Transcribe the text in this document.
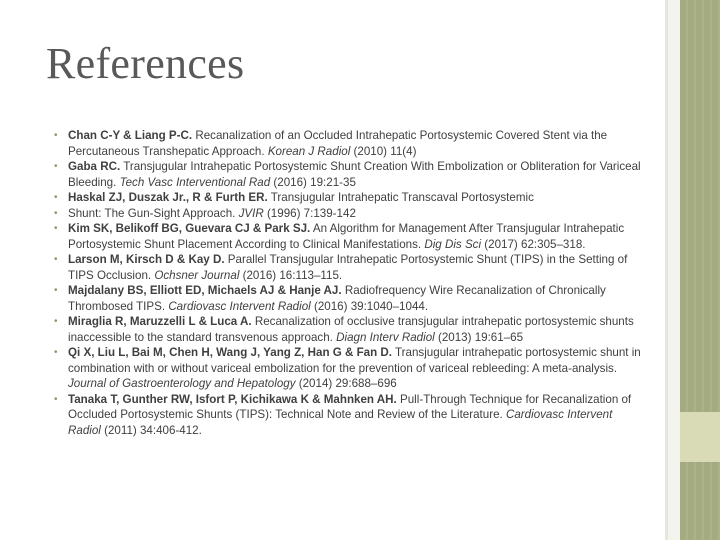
References
• Chan C-Y & Liang P-C. Recanalization of an Occluded Intrahepatic Portosystemic Covered Stent via the Percutaneous Transhepatic Approach. Korean J Radiol (2010) 11(4)
• Gaba RC. Transjugular Intrahepatic Portosystemic Shunt Creation With Embolization or Obliteration for Variceal Bleeding. Tech Vasc Interventional Rad (2016) 19:21-35
• Haskal ZJ, Duszak Jr., R & Furth ER. Transjugular Intrahepatic Transcaval Portosystemic
• Shunt: The Gun-Sight Approach. JVIR (1996) 7:139-142
• Kim SK, Belikoff BG, Guevara CJ & Park SJ. An Algorithm for Management After Transjugular Intrahepatic Portosystemic Shunt Placement According to Clinical Manifestations. Dig Dis Sci (2017) 62:305–318.
• Larson M, Kirsch D & Kay D. Parallel Transjugular Intrahepatic Portosystemic Shunt (TIPS) in the Setting of TIPS Occlusion. Ochsner Journal (2016) 16:113–115.
• Majdalany BS, Elliott ED, Michaels AJ & Hanje AJ. Radiofrequency Wire Recanalization of Chronically Thrombosed TIPS. Cardiovasc Intervent Radiol (2016) 39:1040–1044.
• Miraglia R, Maruzzelli L & Luca A. Recanalization of occlusive transjugular intrahepatic portosystemic shunts inaccessible to the standard transvenous approach. Diagn Interv Radiol (2013) 19:61–65
• Qi X, Liu L, Bai M, Chen H, Wang J, Yang Z, Han G & Fan D. Transjugular intrahepatic portosystemic shunt in combination with or without variceal embolization for the prevention of variceal rebleeding: A meta-analysis. Journal of Gastroenterology and Hepatology (2014) 29:688–696
• Tanaka T, Gunther RW, Isfort P, Kichikawa K & Mahnken AH. Pull-Through Technique for Recanalization of Occluded Portosystemic Shunts (TIPS): Technical Note and Review of the Literature. Cardiovasc Intervent Radiol (2011) 34:406-412.
